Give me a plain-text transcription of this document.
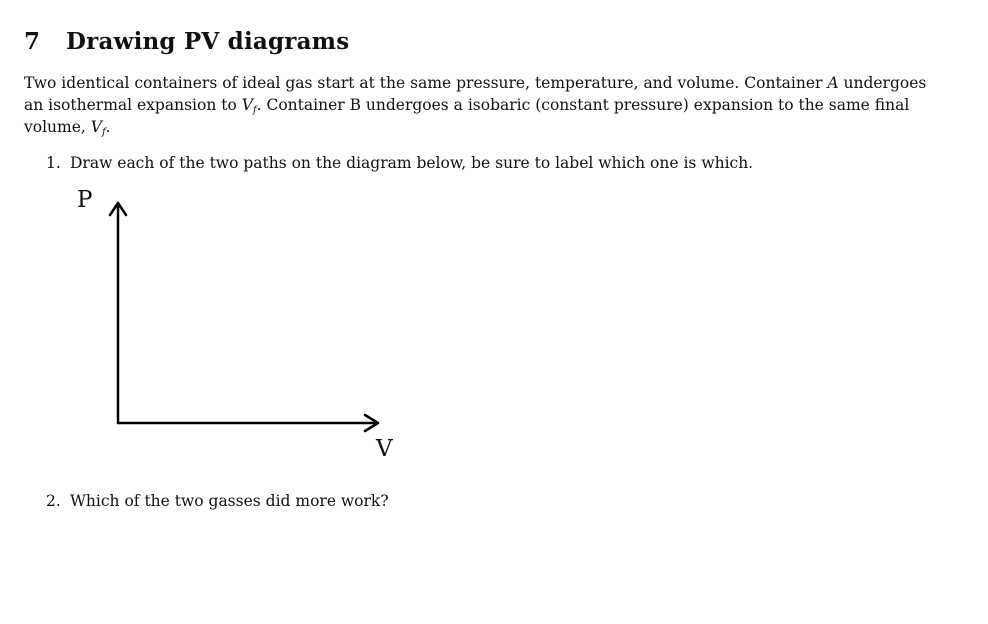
7 Drawing PV diagrams
Two identical containers of ideal gas start at the same pressure, temperature, and volume. Container A undergoes
an isothermal expansion to $V_f$. Container B undergoes a isobaric (constant pressure) expansion to the same final
volume, $V_f$.
1. Draw each of the two paths on the diagram below, be sure to label which one is which.
P
V
2. Which of the two gasses did more work?
